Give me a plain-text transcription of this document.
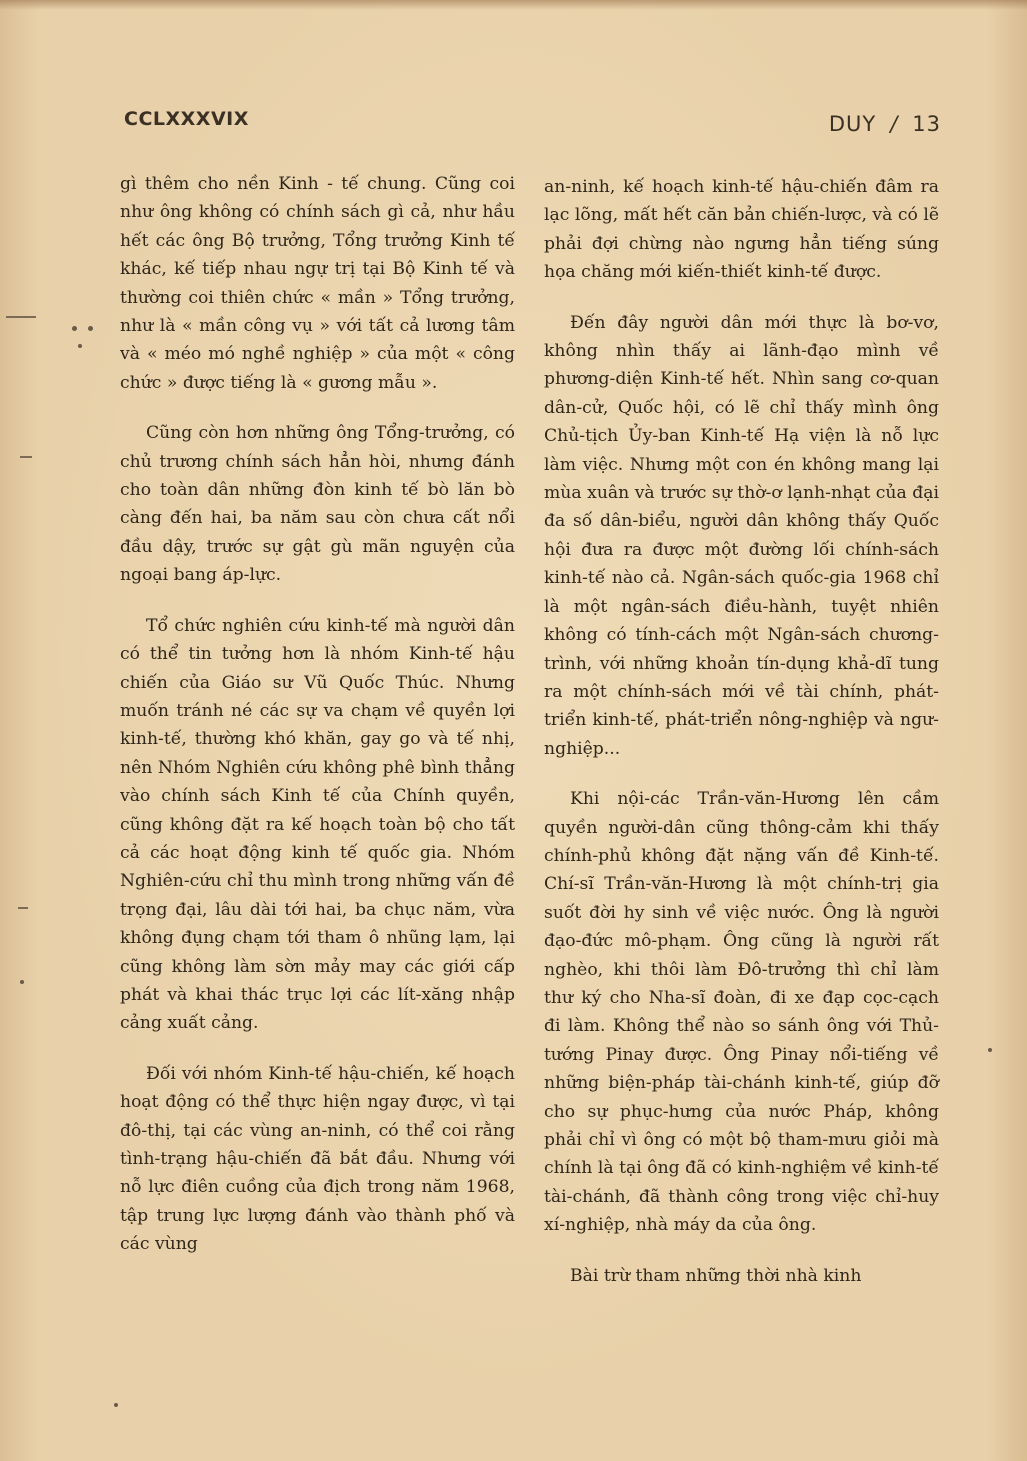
CCLXXXVIX	DUY / 13

gì thêm cho nền Kinh - tế chung. Cũng coi như ông không có chính sách gì cả, như hầu hết các ông Bộ trưởng, Tổng trưởng Kinh tế khác, kế tiếp nhau ngự trị tại Bộ Kinh tế và thường coi thiên chức « mần » Tổng trưởng, như là « mần công vụ » với tất cả lương tâm và « méo mó nghề nghiệp » của một « công chức » được tiếng là « gương mẫu ».

Cũng còn hơn những ông Tổng-trưởng, có chủ trương chính sách hẳn hòi, nhưng đánh cho toàn dân những đòn kinh tế bò lăn bò càng đến hai, ba năm sau còn chưa cất nổi đầu dậy, trước sự gật gù mãn nguyện của ngoại bang áp-lực.

Tổ chức nghiên cứu kinh-tế mà người dân có thể tin tưởng hơn là nhóm Kinh-tế hậu chiến của Giáo sư Vũ Quốc Thúc. Nhưng muốn tránh né các sự va chạm về quyền lợi kinh-tế, thường khó khăn, gay go và tế nhị, nên Nhóm Nghiên cứu không phê bình thẳng vào chính sách Kinh tế của Chính quyền, cũng không đặt ra kế hoạch toàn bộ cho tất cả các hoạt động kinh tế quốc gia. Nhóm Nghiên-cứu chỉ thu mình trong những vấn đề trọng đại, lâu dài tới hai, ba chục năm, vừa không đụng chạm tới tham ô nhũng lạm, lại cũng không làm sờn mảy may các giới cấp phát và khai thác trục lợi các lít-xăng nhập cảng xuất cảng.

Đối với nhóm Kinh-tế hậu-chiến, kế hoạch hoạt động có thể thực hiện ngay được, vì tại đô-thị, tại các vùng an-ninh, có thể coi rằng tình-trạng hậu-chiến đã bắt đầu. Nhưng với nỗ lực điên cuồng của địch trong năm 1968, tập trung lực lượng đánh vào thành phố và các vùng

an-ninh, kế hoạch kinh-tế hậu-chiến đâm ra lạc lõng, mất hết căn bản chiến-lược, và có lẽ phải đợi chừng nào ngưng hẳn tiếng súng họa chăng mới kiến-thiết kinh-tế được.

Đến đây người dân mới thực là bơ-vơ, không nhìn thấy ai lãnh-đạo mình về phương-diện Kinh-tế hết. Nhìn sang cơ-quan dân-cử, Quốc hội, có lẽ chỉ thấy mình ông Chủ-tịch Ủy-ban Kinh-tế Hạ viện là nỗ lực làm việc. Nhưng một con én không mang lại mùa xuân và trước sự thờ-ơ lạnh-nhạt của đại đa số dân-biểu, người dân không thấy Quốc hội đưa ra được một đường lối chính-sách kinh-tế nào cả. Ngân-sách quốc-gia 1968 chỉ là một ngân-sách điều-hành, tuyệt nhiên không có tính-cách một Ngân-sách chương-trình, với những khoản tín-dụng khả-dĩ tung ra một chính-sách mới về tài chính, phát-triển kinh-tế, phát-triển nông-nghiệp và ngư-nghiệp...

Khi nội-các Trần-văn-Hương lên cầm quyền người-dân cũng thông-cảm khi thấy chính-phủ không đặt nặng vấn đề Kinh-tế. Chí-sĩ Trần-văn-Hương là một chính-trị gia suốt đời hy sinh về việc nước. Ông là người đạo-đức mô-phạm. Ông cũng là người rất nghèo, khi thôi làm Đô-trưởng thì chỉ làm thư ký cho Nha-sĩ đoàn, đi xe đạp cọc-cạch đi làm. Không thể nào so sánh ông với Thủ-tướng Pinay được. Ông Pinay nổi-tiếng về những biện-pháp tài-chánh kinh-tế, giúp đỡ cho sự phục-hưng của nước Pháp, không phải chỉ vì ông có một bộ tham-mưu giỏi mà chính là tại ông đã có kinh-nghiệm về kinh-tế tài-chánh, đã thành công trong việc chỉ-huy xí-nghiệp, nhà máy da của ông.

Bài trừ tham những thời nhà kinh
